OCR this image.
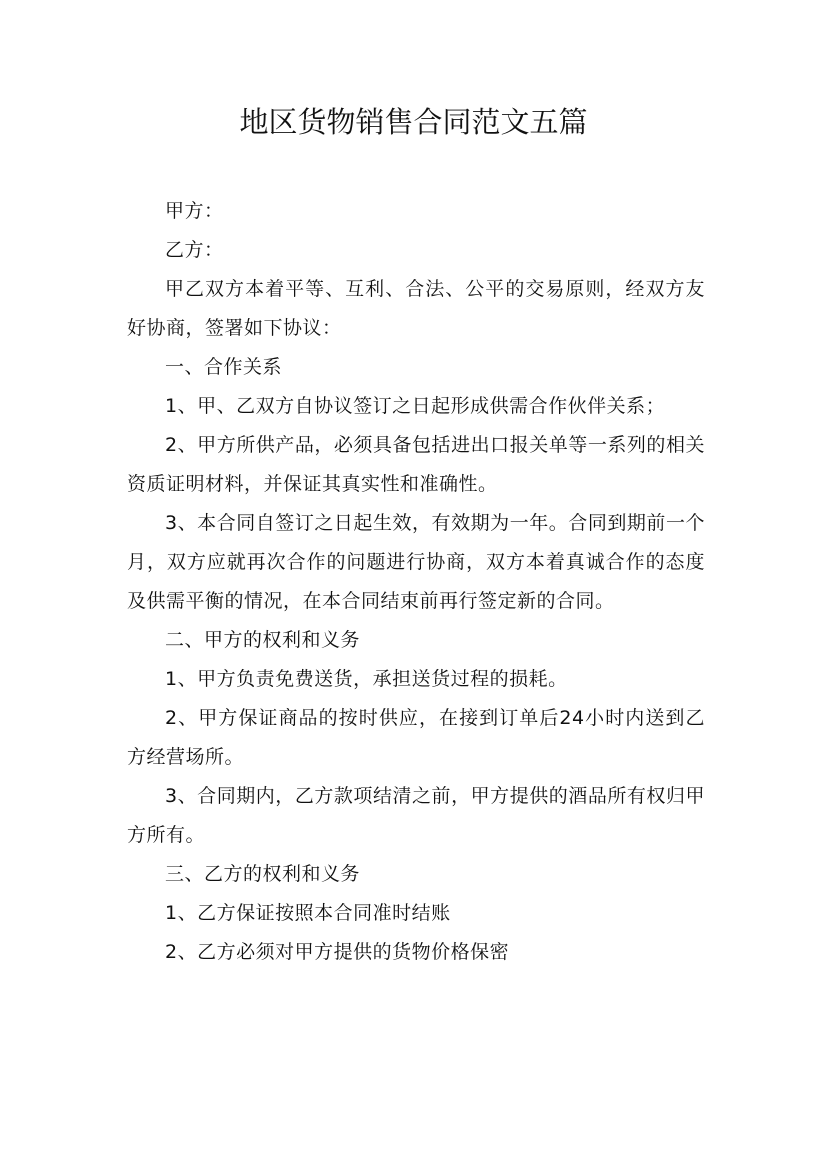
地区货物销售合同范文五篇

甲方：

乙方：

甲乙双方本着平等、互利、合法、公平的交易原则，经双方友好协商，签署如下协议：

一、合作关系

1、甲、乙双方自协议签订之日起形成供需合作伙伴关系；

2、甲方所供产品，必须具备包括进出口报关单等一系列的相关资质证明材料，并保证其真实性和准确性。

3、本合同自签订之日起生效，有效期为一年。合同到期前一个月，双方应就再次合作的问题进行协商，双方本着真诚合作的态度及供需平衡的情况，在本合同结束前再行签定新的合同。

二、甲方的权利和义务

1、甲方负责免费送货，承担送货过程的损耗。

2、甲方保证商品的按时供应，在接到订单后24小时内送到乙方经营场所。

3、合同期内，乙方款项结清之前，甲方提供的酒品所有权归甲方所有。

三、乙方的权利和义务

1、乙方保证按照本合同准时结账

2、乙方必须对甲方提供的货物价格保密
